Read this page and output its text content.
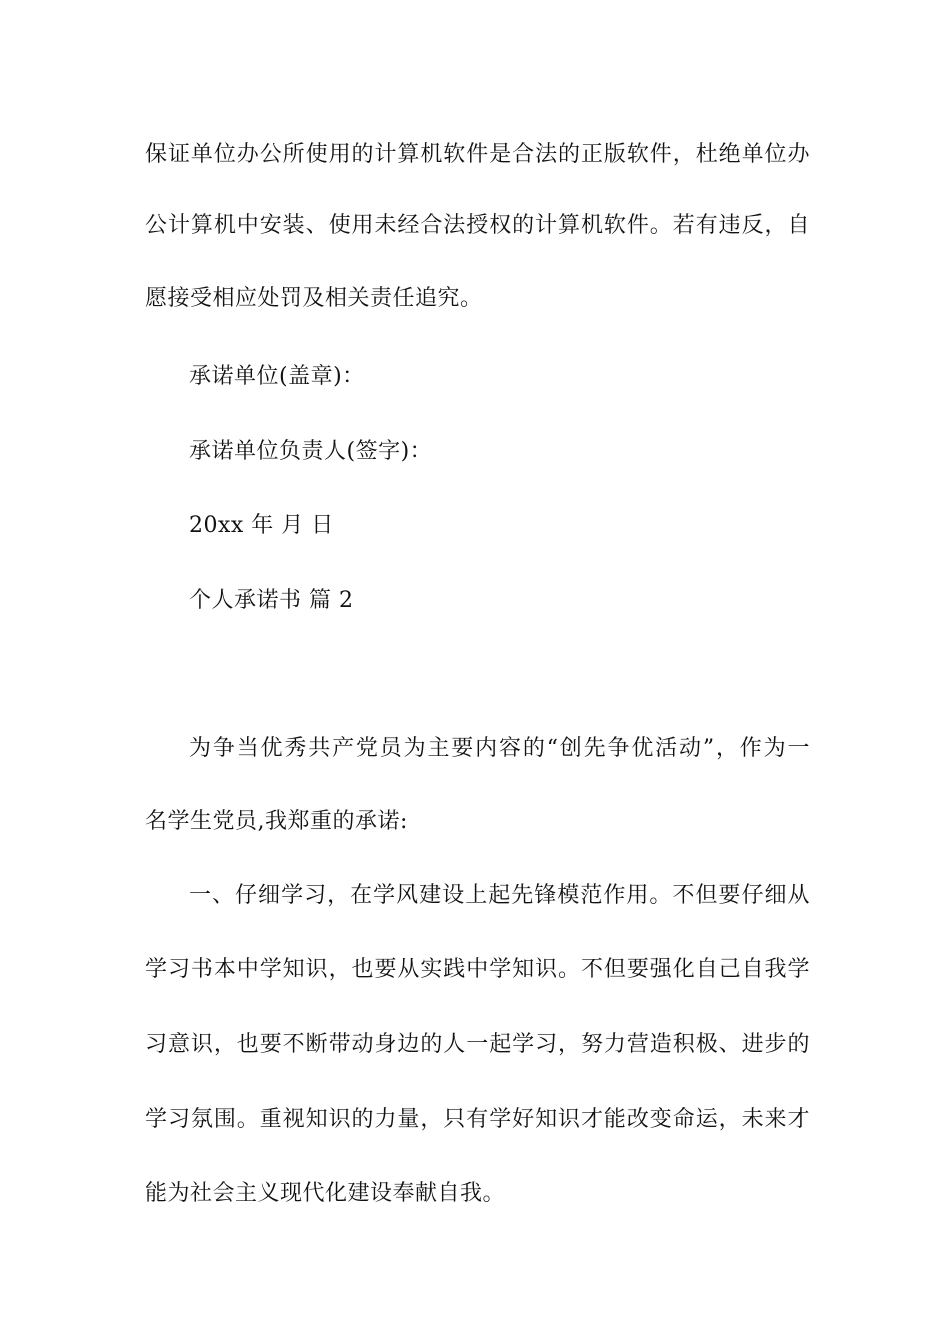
保证单位办公所使用的计算机软件是合法的正版软件，杜绝单位办
公计算机中安装、使用未经合法授权的计算机软件。若有违反，自
愿接受相应处罚及相关责任追究。
承诺单位(盖章)：
承诺单位负责人(签字)：
20xx 年 月 日
个人承诺书 篇 2
为争当优秀共产党员为主要内容的“创先争优活动”，作为一
名学生党员,我郑重的承诺:
一、仔细学习，在学风建设上起先锋模范作用。不但要仔细从
学习书本中学知识，也要从实践中学知识。不但要强化自己自我学
习意识，也要不断带动身边的人一起学习，努力营造积极、进步的
学习氛围。重视知识的力量，只有学好知识才能改变命运，未来才
能为社会主义现代化建设奉献自我。
